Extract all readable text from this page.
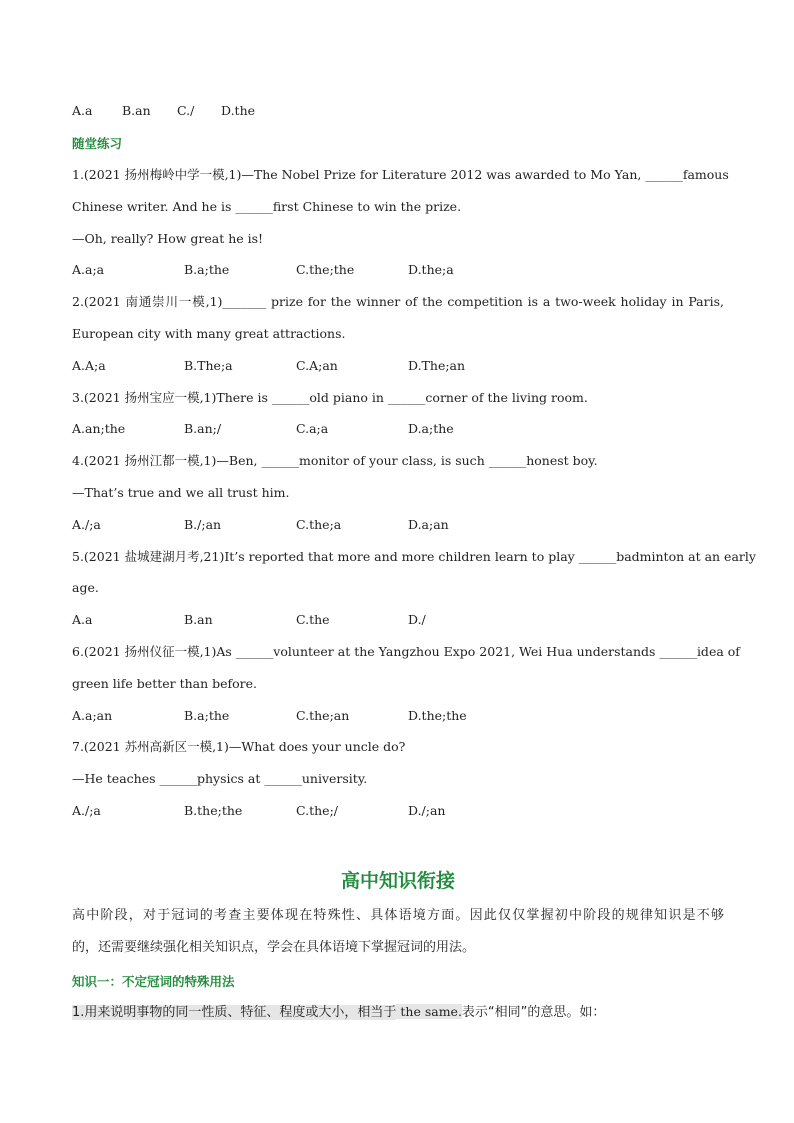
A.a B.an C./ D.the
随堂练习
1.(2021 扬州梅岭中学一模,1)—The Nobel Prize for Literature 2012 was awarded to Mo Yan, ______ famous
Chinese writer. And he is ______first Chinese to win the prize.
—Oh, really? How great he is!
A.a;a	B.a;the	C.the;the	D.the;a
2.(2021 南通崇川一模,1)_______ prize for the winner of the competition is a two-week holiday in Paris,
European city with many great attractions.
A.A;a	B.The;a	C.A;an	D.The;an
3.(2021 扬州宝应一模,1)There is ______old piano in ______corner of the living room.
A.an;the	B.an;/	C.a;a	D.a;the
4.(2021 扬州江都一模,1)—Ben, ______monitor of your class, is such ______honest boy.
—That’s true and we all trust him.
A./;a	B./;an	C.the;a	D.a;an
5.(2021 盐城建湖月考,21)It’s reported that more and more children learn to play ______badminton at an early
age.
A.a	B.an	C.the	D./
6.(2021 扬州仪征一模,1)As ______volunteer at the Yangzhou Expo 2021, Wei Hua understands ______idea of
green life better than before.
A.a;an	B.a;the	C.the;an	D.the;the
7.(2021 苏州高新区一模,1)—What does your uncle do?
—He teaches ______physics at ______university.
A./;a	B.the;the	C.the;/	D./;an
高中知识衔接
高中阶段，对于冠词的考查主要体现在特殊性、具体语境方面。因此仅仅掌握初中阶段的规律知识是不够
的，还需要继续强化相关知识点，学会在具体语境下掌握冠词的用法。
知识一：不定冠词的特殊用法
1.用来说明事物的同一性质、特征、程度或大小，相当于 the same.表示“相同”的意思。如：
